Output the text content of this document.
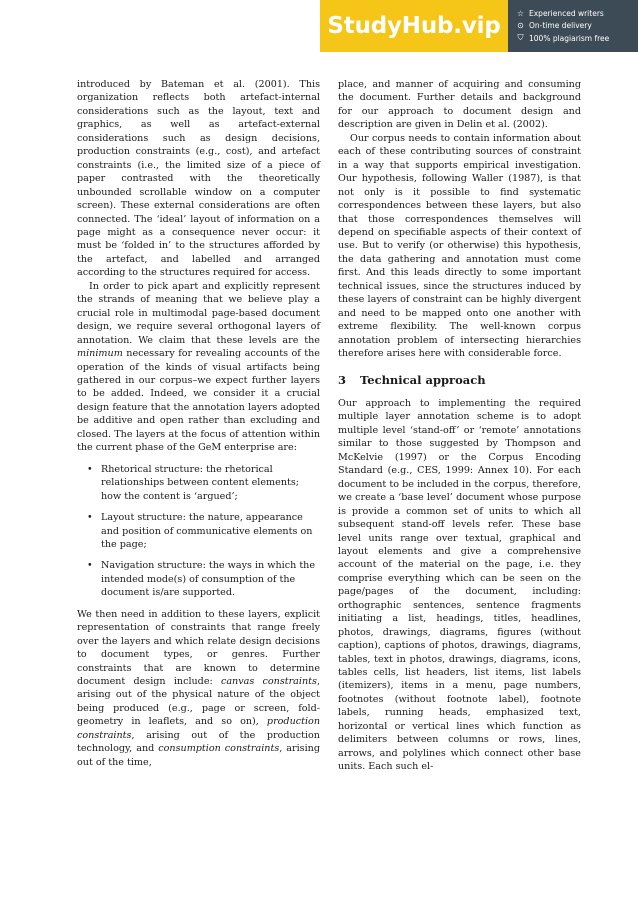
StudyHub.vip	☆ Experienced writers
⊙ On-time delivery
⛉ 100% plagiarism free

introduced by Bateman et al. (2001). This organization reflects both artefact-internal considerations such as the layout, text and graphics, as well as artefact-external considerations such as design decisions, production constraints (e.g., cost), and artefact constraints (i.e., the limited size of a piece of paper contrasted with the theoretically unbounded scrollable window on a computer screen). These external considerations are often connected. The ‘ideal’ layout of information on a page might as a consequence never occur: it must be ‘folded in’ to the structures afforded by the artefact, and labelled and arranged according to the structures required for access.

In order to pick apart and explicitly represent the strands of meaning that we believe play a crucial role in multimodal page-based document design, we require several orthogonal layers of annotation. We claim that these levels are the minimum necessary for revealing accounts of the operation of the kinds of visual artifacts being gathered in our corpus–we expect further layers to be added. Indeed, we consider it a crucial design feature that the annotation layers adopted be additive and open rather than excluding and closed. The layers at the focus of attention within the current phase of the GeM enterprise are:

• Rhetorical structure: the rhetorical relationships between content elements; how the content is ‘argued’;
• Layout structure: the nature, appearance and position of communicative elements on the page;
• Navigation structure: the ways in which the intended mode(s) of consumption of the document is/are supported.

We then need in addition to these layers, explicit representation of constraints that range freely over the layers and which relate design decisions to document types, or genres. Further constraints that are known to determine document design include: canvas constraints, arising out of the physical nature of the object being produced (e.g., page or screen, fold-geometry in leaflets, and so on), production constraints, arising out of the production technology, and consumption constraints, arising out of the time,

place, and manner of acquiring and consuming the document. Further details and background for our approach to document design and description are given in Delin et al. (2002).

Our corpus needs to contain information about each of these contributing sources of constraint in a way that supports empirical investigation. Our hypothesis, following Waller (1987), is that not only is it possible to find systematic correspondences between these layers, but also that those correspondences themselves will depend on specifiable aspects of their context of use. But to verify (or otherwise) this hypothesis, the data gathering and annotation must come first. And this leads directly to some important technical issues, since the structures induced by these layers of constraint can be highly divergent and need to be mapped onto one another with extreme flexibility. The well-known corpus annotation problem of intersecting hierarchies therefore arises here with considerable force.

3 Technical approach

Our approach to implementing the required multiple layer annotation scheme is to adopt multiple level ‘stand-off’ or ‘remote’ annotations similar to those suggested by Thompson and McKelvie (1997) or the Corpus Encoding Standard (e.g., CES, 1999: Annex 10). For each document to be included in the corpus, therefore, we create a ‘base level’ document whose purpose is provide a common set of units to which all subsequent stand-off levels refer. These base level units range over textual, graphical and layout elements and give a comprehensive account of the material on the page, i.e. they comprise everything which can be seen on the page/pages of the document, including: orthographic sentences, sentence fragments initiating a list, headings, titles, headlines, photos, drawings, diagrams, figures (without caption), captions of photos, drawings, diagrams, tables, text in photos, drawings, diagrams, icons, tables cells, list headers, list items, list labels (itemizers), items in a menu, page numbers, footnotes (without footnote label), footnote labels, running heads, emphasized text, horizontal or vertical lines which function as delimiters between columns or rows, lines, arrows, and polylines which connect other base units. Each such el-
